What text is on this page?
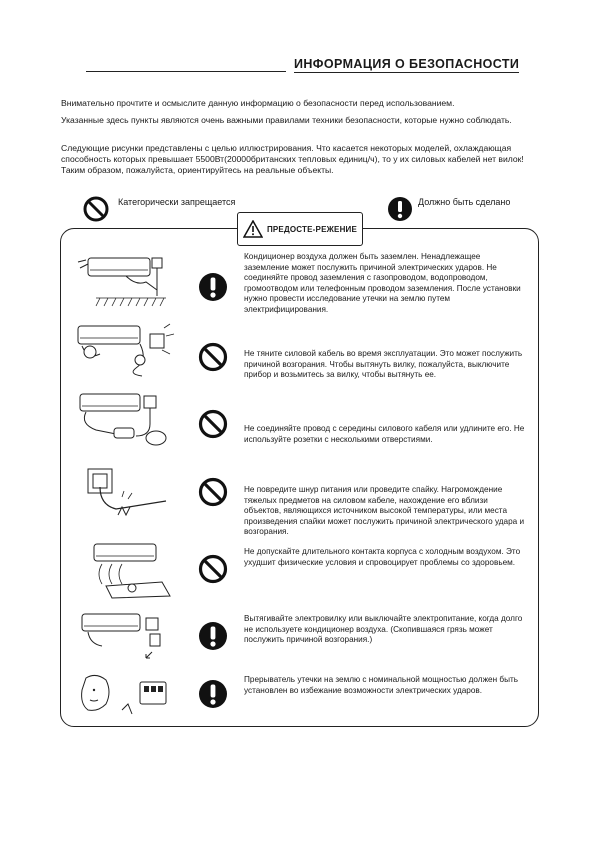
ИНФОРМАЦИЯ О БЕЗОПАСНОСТИ
Внимательно прочтите и осмыслите данную информацию о безопасности перед использованием.
Указанные здесь пункты являются очень важными правилами техники безопасности, которые нужно соблюдать.
Следующие рисунки представлены с целью иллюстрирования. Что касается некоторых моделей, охлаждающая способность которых превышает 5500Вт(20000британских тепловых единиц/ч), то у их силовых кабелей нет вилок! Таким образом, пожалуйста, ориентируйтесь на реальные объекты.
Категорически запрещается	Должно быть сделано
ПРЕДОСТЕ-РЕЖЕНИЕ
Кондиционер воздуха должен быть заземлен. Ненадлежащее заземление может послужить причиной электрических ударов. Не соединяйте провод заземления с газопроводом, водопроводом, громоотводом или телефонным проводом заземления. После установки нужно провести исследование утечки на землю путем электрифицирования.
Не тяните силовой кабель во время эксплуатации. Это может послужить причиной возгорания. Чтобы вытянуть вилку, пожалуйста, выключите прибор и возьмитесь за вилку, чтобы вытянуть ее.
Не соединяйте провод с середины силового кабеля или удлините его. Не используйте розетки с несколькими отверстиями.
Не повредите шнур питания или проведите спайку. Нагромождение тяжелых предметов на силовом кабеле, нахождение его вблизи объектов, являющихся источником высокой температуры, или места произведения спайки может послужить причиной электрического удара и возгорания.
Не допускайте длительного контакта корпуса с холодным воздухом. Это ухудшит физические условия и спровоцирует проблемы со здоровьем.
Вытягивайте электровилку или выключайте электропитание, когда долго не используете кондиционер воздуха. (Скопившаяся грязь может послужить причиной возгорания.)
Прерыватель утечки на землю с номинальной мощностью должен быть установлен во избежание возможности электрических ударов.
